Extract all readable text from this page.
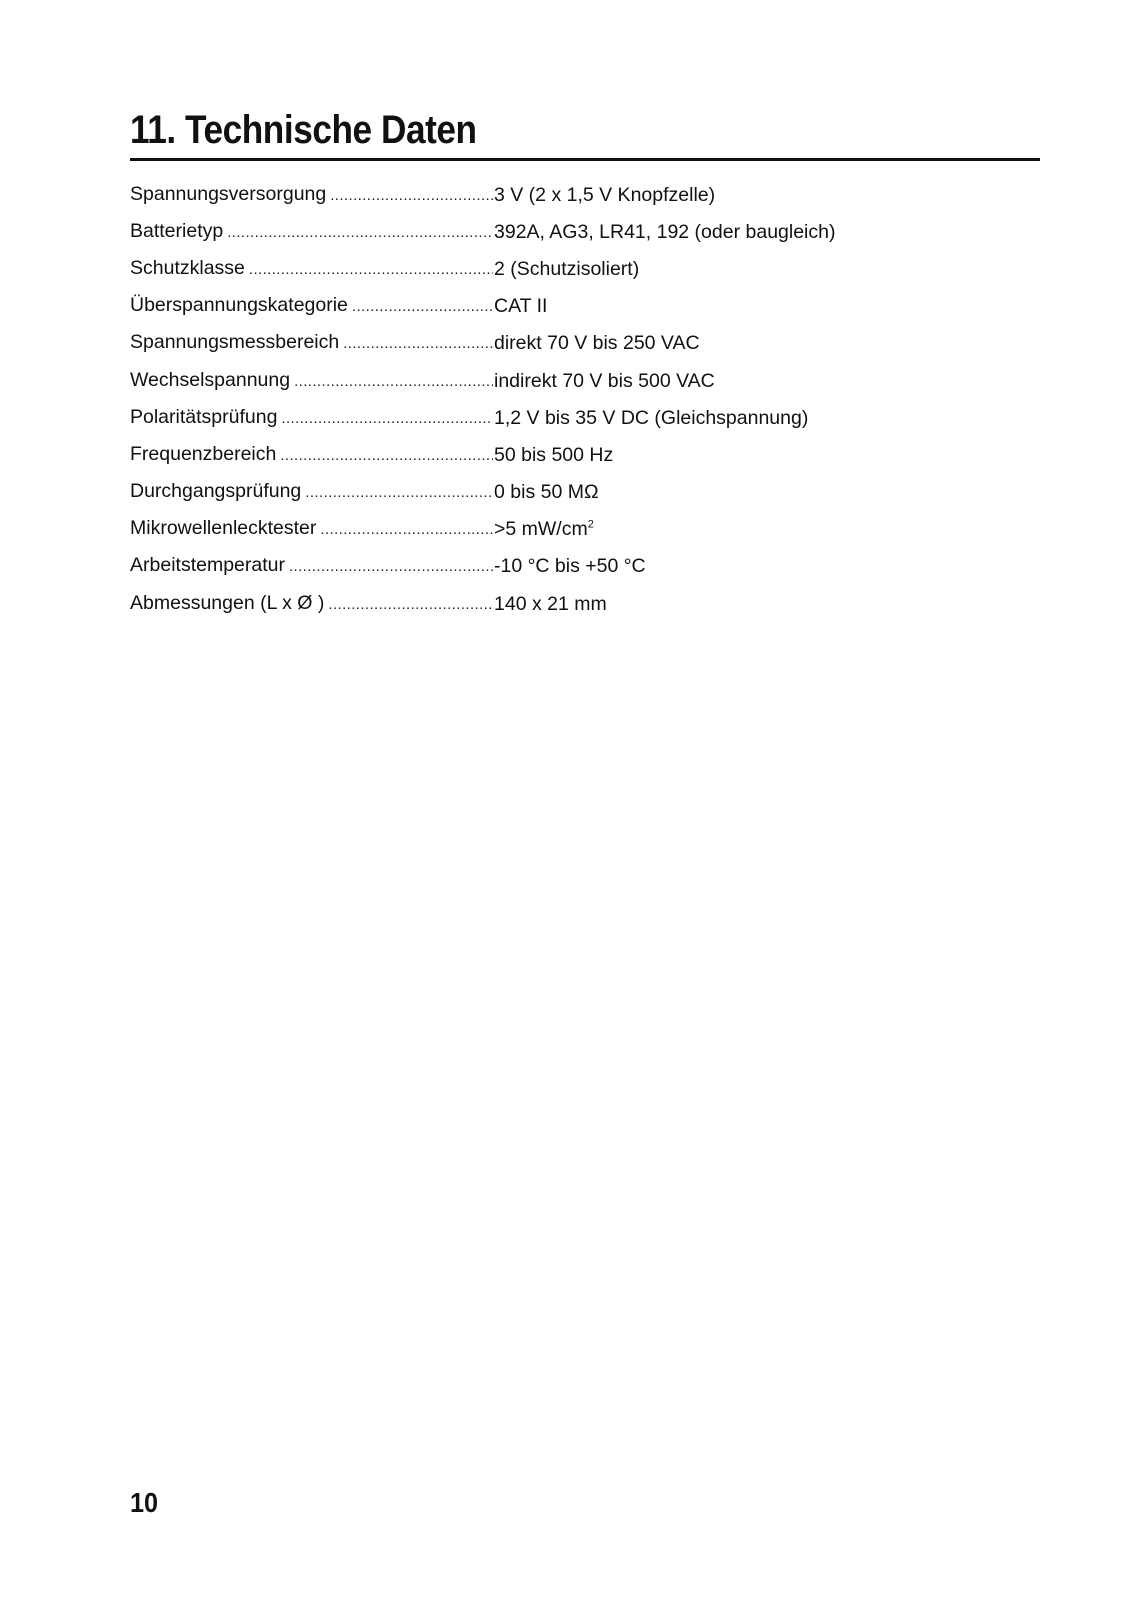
11. Technische Daten
Spannungsversorgung .....	3 V (2 x 1,5 V Knopfzelle)
Batterietyp .....	392A, AG3, LR41, 192 (oder baugleich)
Schutzklasse .....	2 (Schutzisoliert)
Überspannungskategorie .....	CAT II
Spannungsmessbereich .....	direkt 70 V bis 250 VAC
Wechselspannung .....	indirekt 70 V bis 500 VAC
Polaritätsprüfung .....	1,2 V bis 35 V DC (Gleichspannung)
Frequenzbereich .....	50 bis 500 Hz
Durchgangsprüfung .....	0 bis 50 MΩ
Mikrowellenlecktester .....	>5 $mW/cm^2$
Arbeitstemperatur .....	-10 °C bis +50 °C
Abmessungen (L x Ø ) .....	140 x 21 mm
10
